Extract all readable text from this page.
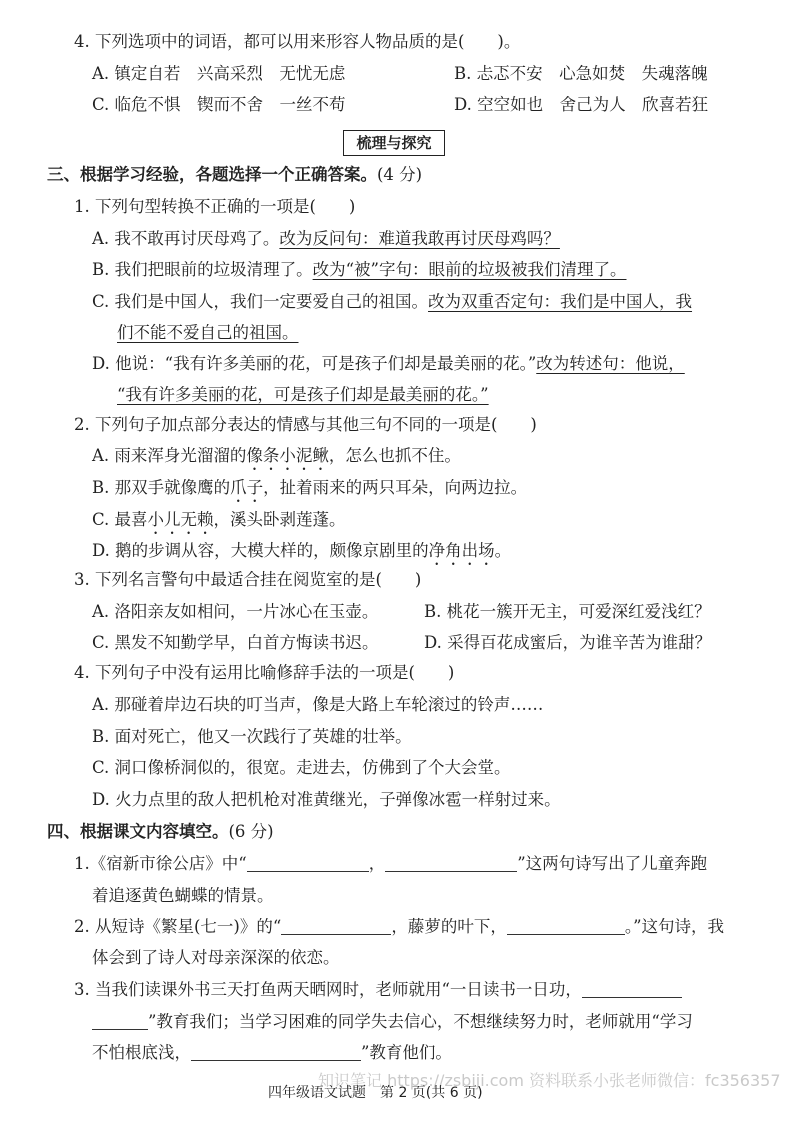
4. 下列选项中的词语，都可以用来形容人物品质的是(　　)。
A. 镇定自若　兴高采烈　无忧无虑	B. 忐忑不安　心急如焚　失魂落魄
C. 临危不惧　锲而不舍　一丝不苟	D. 空空如也　舍己为人　欣喜若狂
梳理与探究
三、根据学习经验，各题选择一个正确答案。(4 分)
1. 下列句型转换不正确的一项是(　　)
A. 我不敢再讨厌母鸡了。改为反问句：难道我敢再讨厌母鸡吗？
B. 我们把眼前的垃圾清理了。改为“被”字句：眼前的垃圾被我们清理了。
C. 我们是中国人，我们一定要爱自己的祖国。改为双重否定句：我们是中国人，我
们不能不爱自己的祖国。
D. 他说：“我有许多美丽的花，可是孩子们却是最美丽的花。”改为转述句：他说，
“我有许多美丽的花，可是孩子们却是最美丽的花。”
2. 下列句子加点部分表达的情感与其他三句不同的一项是(　　)
A. 雨来浑身光溜溜的像条小泥鳅，怎么也抓不住。
B. 那双手就像鹰的爪子，扯着雨来的两只耳朵，向两边拉。
C. 最喜小儿无赖，溪头卧剥莲蓬。
D. 鹅的步调从容，大模大样的，颇像京剧里的净角出场。
3. 下列名言警句中最适合挂在阅览室的是(　　)
A. 洛阳亲友如相问，一片冰心在玉壶。	B. 桃花一簇开无主，可爱深红爱浅红？
C. 黑发不知勤学早，白首方悔读书迟。	D. 采得百花成蜜后，为谁辛苦为谁甜？
4. 下列句子中没有运用比喻修辞手法的一项是(　　)
A. 那碰着岸边石块的叮当声，像是大路上车轮滚过的铃声……
B. 面对死亡，他又一次践行了英雄的壮举。
C. 洞口像桥洞似的，很宽。走进去，仿佛到了个大会堂。
D. 火力点里的敌人把机枪对准黄继光，子弹像冰雹一样射过来。
四、根据课文内容填空。(6 分)
1.《宿新市徐公店》中“	，	”这两句诗写出了儿童奔跑
着追逐黄色蝴蝶的情景。
2. 从短诗《繁星(七一)》的“	，藤萝的叶下，	。”这句诗，我
体会到了诗人对母亲深深的依恋。
3. 当我们读课外书三天打鱼两天晒网时，老师就用“一日读书一日功，
”教育我们；当学习困难的同学失去信心，不想继续努力时，老师就用“学习
不怕根底浅，	”教育他们。
知识笔记 https://zsbiji.com 资料联系小张老师微信：fc356357
四年级语文试题　第 2 页(共 6 页)
